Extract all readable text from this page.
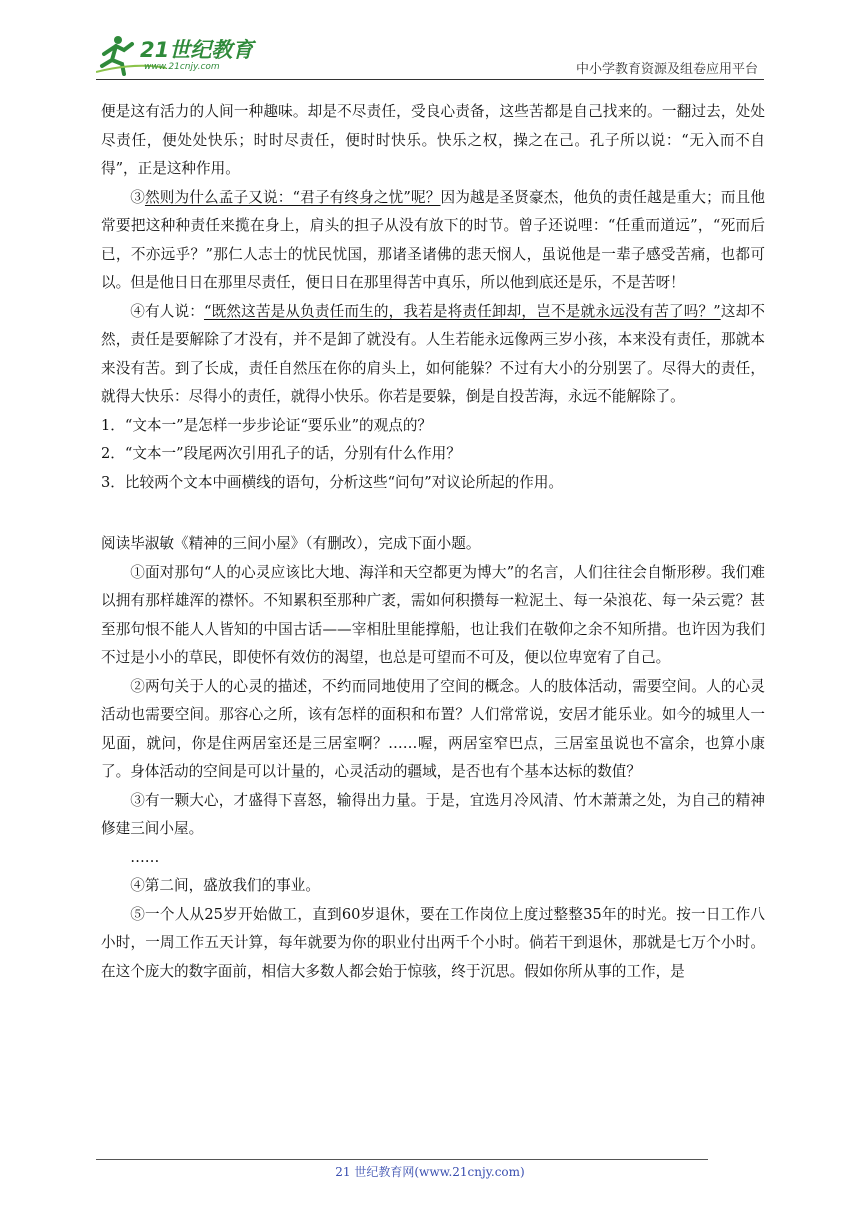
21世纪教育
www.21cnjy.com	中小学教育资源及组卷应用平台

便是这有活力的人间一种趣味。却是不尽责任，受良心责备，这些苦都是自己找来的。一翻过去，处处尽责任，便处处快乐；时时尽责任，便时时快乐。快乐之权，操之在己。孔子所以说：“无入而不自得”，正是这种作用。

③然则为什么孟子又说：“君子有终身之忧”呢？因为越是圣贤豪杰，他负的责任越是重大；而且他常要把这种种责任来揽在身上，肩头的担子从没有放下的时节。曾子还说哩：“任重而道远”，“死而后已，不亦远乎？”那仁人志士的忧民忧国，那诸圣诸佛的悲天悯人，虽说他是一辈子感受苦痛，也都可以。但是他日日在那里尽责任，便日日在那里得苦中真乐，所以他到底还是乐，不是苦呀！

④有人说：“既然这苦是从负责任而生的，我若是将责任卸却，岂不是就永远没有苦了吗？”这却不然，责任是要解除了才没有，并不是卸了就没有。人生若能永远像两三岁小孩，本来没有责任，那就本来没有苦。到了长成，责任自然压在你的肩头上，如何能躲？不过有大小的分别罢了。尽得大的责任，就得大快乐：尽得小的责任，就得小快乐。你若是要躲，倒是自投苦海，永远不能解除了。

1．“文本一”是怎样一步步论证“要乐业”的观点的？

2．“文本一”段尾两次引用孔子的话，分别有什么作用？

3．比较两个文本中画横线的语句，分析这些“问句”对议论所起的作用。

阅读毕淑敏《精神的三间小屋》（有删改），完成下面小题。

①面对那句“人的心灵应该比大地、海洋和天空都更为博大”的名言，人们往往会自惭形秽。我们难以拥有那样雄浑的襟怀。不知累积至那种广袤，需如何积攒每一粒泥土、每一朵浪花、每一朵云霓？甚至那句恨不能人人皆知的中国古话——宰相肚里能撑船，也让我们在敬仰之余不知所措。也许因为我们不过是小小的草民，即使怀有效仿的渴望，也总是可望而不可及，便以位卑宽宥了自己。

②两句关于人的心灵的描述，不约而同地使用了空间的概念。人的肢体活动，需要空间。人的心灵活动也需要空间。那容心之所，该有怎样的面积和布置？人们常常说，安居才能乐业。如今的城里人一见面，就问，你是住两居室还是三居室啊？……喔，两居室窄巴点，三居室虽说也不富余，也算小康了。身体活动的空间是可以计量的，心灵活动的疆域，是否也有个基本达标的数值？

③有一颗大心，才盛得下喜怒，输得出力量。于是，宜选月冷风清、竹木萧萧之处，为自己的精神修建三间小屋。

……

④第二间，盛放我们的事业。

⑤一个人从25岁开始做工，直到60岁退休，要在工作岗位上度过整整35年的时光。按一日工作八小时，一周工作五天计算，每年就要为你的职业付出两千个小时。倘若干到退休，那就是七万个小时。在这个庞大的数字面前，相信大多数人都会始于惊骇，终于沉思。假如你所从事的工作，是

21 世纪教育网(www.21cnjy.com)
